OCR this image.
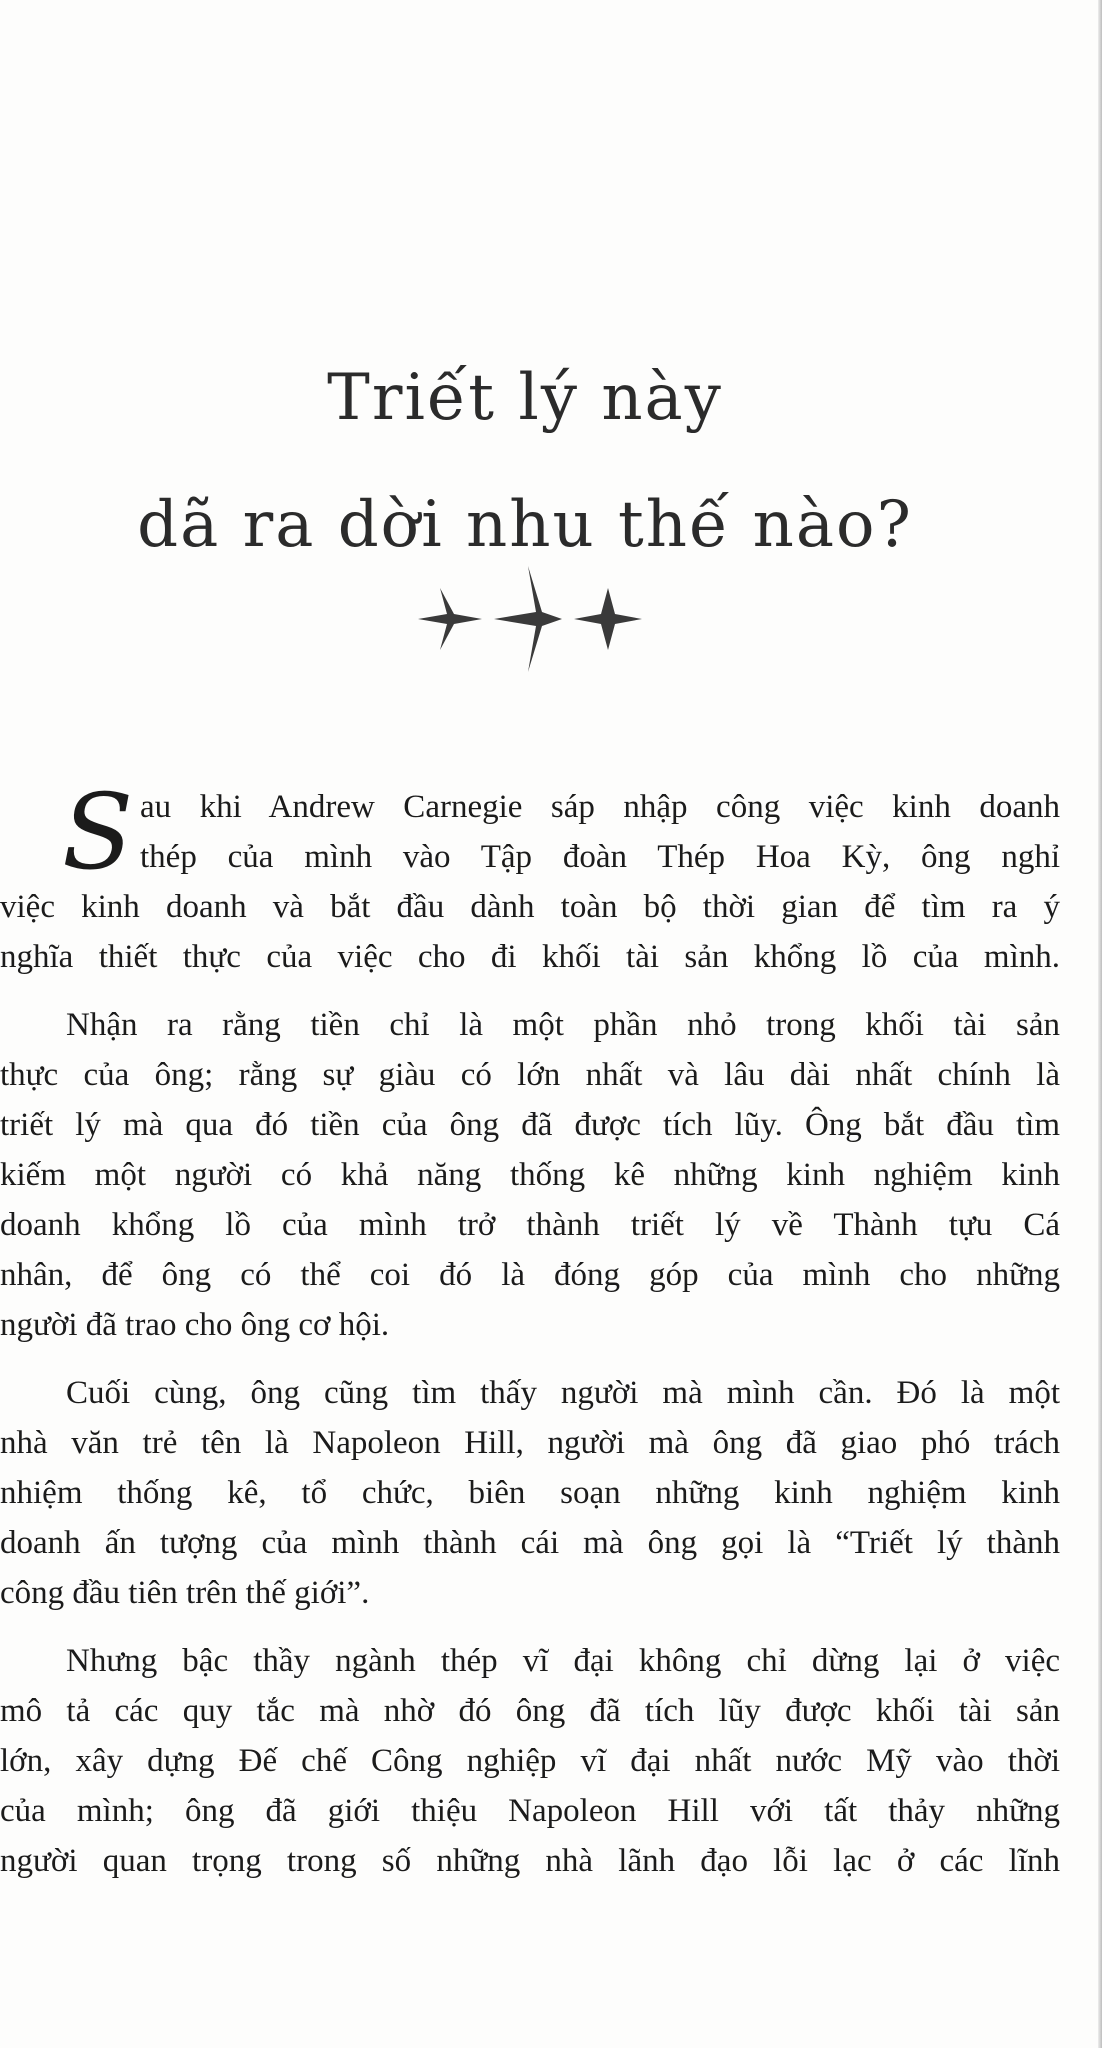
Triết lý này
dã ra dời nhu thế nào?
S au khi Andrew Carnegie sáp nhập công việc kinh doanh
thép của mình vào Tập đoàn Thép Hoa Kỳ, ông nghỉ
việc kinh doanh và bắt đầu dành toàn bộ thời gian để tìm ra ý
nghĩa thiết thực của việc cho đi khối tài sản khổng lồ của mình.
Nhận ra rằng tiền chỉ là một phần nhỏ trong khối tài sản
thực của ông; rằng sự giàu có lớn nhất và lâu dài nhất chính là
triết lý mà qua đó tiền của ông đã được tích lũy. Ông bắt đầu tìm
kiếm một người có khả năng thống kê những kinh nghiệm kinh
doanh khổng lồ của mình trở thành triết lý về Thành tựu Cá
nhân, để ông có thể coi đó là đóng góp của mình cho những
người đã trao cho ông cơ hội.
Cuối cùng, ông cũng tìm thấy người mà mình cần. Đó là một
nhà văn trẻ tên là Napoleon Hill, người mà ông đã giao phó trách
nhiệm thống kê, tổ chức, biên soạn những kinh nghiệm kinh
doanh ấn tượng của mình thành cái mà ông gọi là “Triết lý thành
công đầu tiên trên thế giới”.
Nhưng bậc thầy ngành thép vĩ đại không chỉ dừng lại ở việc
mô tả các quy tắc mà nhờ đó ông đã tích lũy được khối tài sản
lớn, xây dựng Đế chế Công nghiệp vĩ đại nhất nước Mỹ vào thời
của mình; ông đã giới thiệu Napoleon Hill với tất thảy những
người quan trọng trong số những nhà lãnh đạo lỗi lạc ở các lĩnh
